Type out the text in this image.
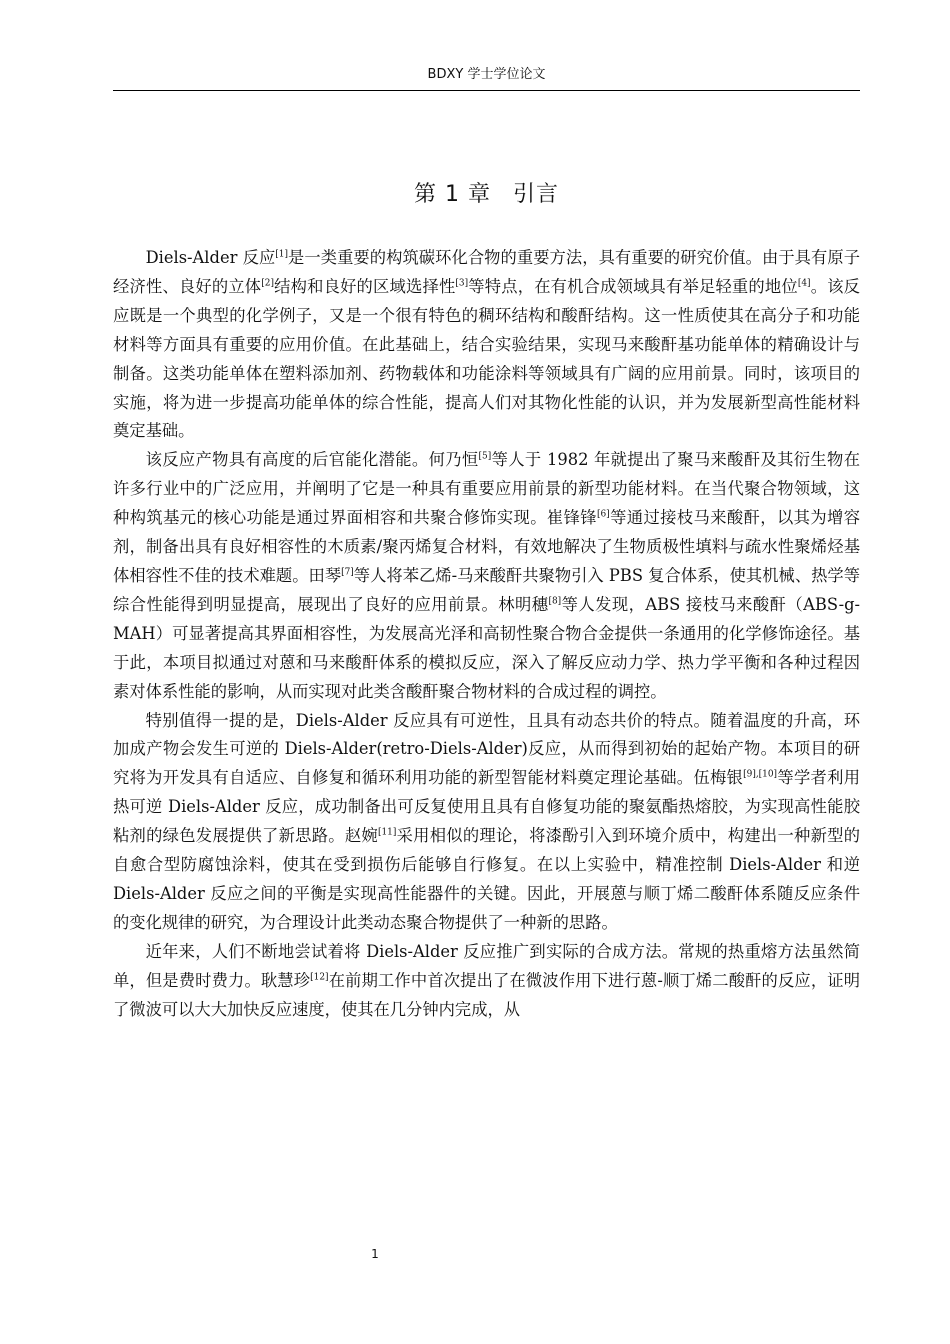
BDXY 学士学位论文
第 1 章 引言

Diels-Alder 反应[1]是一类重要的构筑碳环化合物的重要方法，具有重要的研究价值。由于具有原子经济性、良好的立体[2]结构和良好的区域选择性[3]等特点，在有机合成领域具有举足轻重的地位[4]。该反应既是一个典型的化学例子，又是一个很有特色的稠环结构和酸酐结构。这一性质使其在高分子和功能材料等方面具有重要的应用价值。在此基础上，结合实验结果，实现马来酸酐基功能单体的精确设计与制备。这类功能单体在塑料添加剂、药物载体和功能涂料等领域具有广阔的应用前景。同时，该项目的实施，将为进一步提高功能单体的综合性能，提高人们对其物化性能的认识，并为发展新型高性能材料奠定基础。

该反应产物具有高度的后官能化潜能。何乃恒[5]等人于 1982 年就提出了聚马来酸酐及其衍生物在许多行业中的广泛应用，并阐明了它是一种具有重要应用前景的新型功能材料。在当代聚合物领域，这种构筑基元的核心功能是通过界面相容和共聚合修饰实现。崔锋锋[6]等通过接枝马来酸酐，以其为增容剂，制备出具有良好相容性的木质素/聚丙烯复合材料，有效地解决了生物质极性填料与疏水性聚烯烃基体相容性不佳的技术难题。田琴[7]等人将苯乙烯-马来酸酐共聚物引入 PBS 复合体系，使其机械、热学等综合性能得到明显提高，展现出了良好的应用前景。林明穗[8]等人发现，ABS 接枝马来酸酐（ABS-g-MAH）可显著提高其界面相容性，为发展高光泽和高韧性聚合物合金提供一条通用的化学修饰途径。基于此，本项目拟通过对蒽和马来酸酐体系的模拟反应，深入了解反应动力学、热力学平衡和各种过程因素对体系性能的影响，从而实现对此类含酸酐聚合物材料的合成过程的调控。

特别值得一提的是，Diels-Alder 反应具有可逆性，且具有动态共价的特点。随着温度的升高，环加成产物会发生可逆的 Diels-Alder(retro-Diels-Alder)反应，从而得到初始的起始产物。本项目的研究将为开发具有自适应、自修复和循环利用功能的新型智能材料奠定理论基础。伍梅银[9],[10]等学者利用热可逆 Diels-Alder 反应，成功制备出可反复使用且具有自修复功能的聚氨酯热熔胶，为实现高性能胶粘剂的绿色发展提供了新思路。赵婉[11]采用相似的理论，将漆酚引入到环境介质中，构建出一种新型的自愈合型防腐蚀涂料，使其在受到损伤后能够自行修复。在以上实验中，精准控制 Diels-Alder 和逆 Diels-Alder 反应之间的平衡是实现高性能器件的关键。因此，开展蒽与顺丁烯二酸酐体系随反应条件的变化规律的研究，为合理设计此类动态聚合物提供了一种新的思路。

近年来，人们不断地尝试着将 Diels-Alder 反应推广到实际的合成方法。常规的热重熔方法虽然简单，但是费时费力。耿慧珍[12]在前期工作中首次提出了在微波作用下进行蒽-顺丁烯二酸酐的反应，证明了微波可以大大加快反应速度，使其在几分钟内完成，从

1
